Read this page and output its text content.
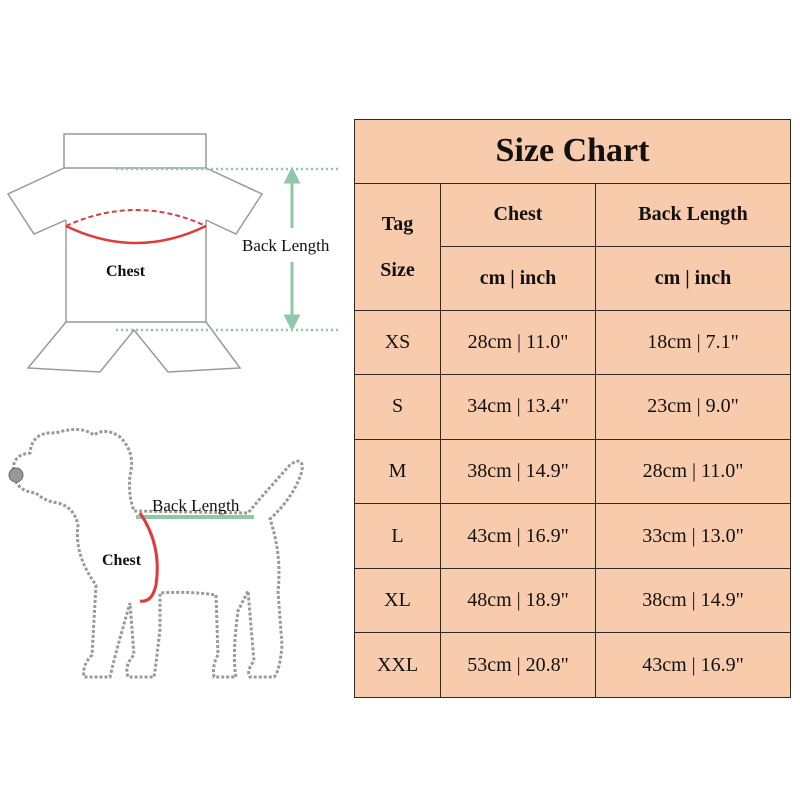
Back Length
Chest
Back Length
Chest
Size Chart		

Tag
Size	Chest	Back Length
	cm | inch	cm | inch
XS	28cm | 11.0"	18cm | 7.1"
S	34cm | 13.4"	23cm | 9.0"
M	38cm | 14.9"	28cm | 11.0"
L	43cm | 16.9"	33cm | 13.0"
XL	48cm | 18.9"	38cm | 14.9"
XXL	53cm | 20.8"	43cm | 16.9"
